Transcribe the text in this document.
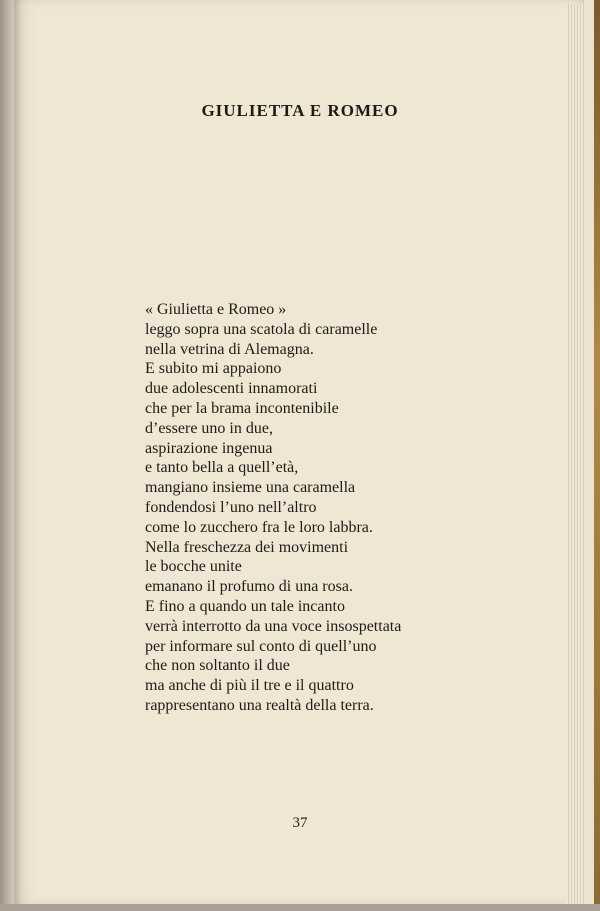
GIULIETTA E ROMEO
« Giulietta e Romeo »
leggo sopra una scatola di caramelle
nella vetrina di Alemagna.
E subito mi appaiono
due adolescenti innamorati
che per la brama incontenibile
d’essere uno in due,
aspirazione ingenua
e tanto bella a quell’età,
mangiano insieme una caramella
fondendosi l’uno nell’altro
come lo zucchero fra le loro labbra.
Nella freschezza dei movimenti
le bocche unite
emanano il profumo di una rosa.
E fino a quando un tale incanto
verrà interrotto da una voce insospettata
per informare sul conto di quell’uno
che non soltanto il due
ma anche di più il tre e il quattro
rappresentano una realtà della terra.

37
